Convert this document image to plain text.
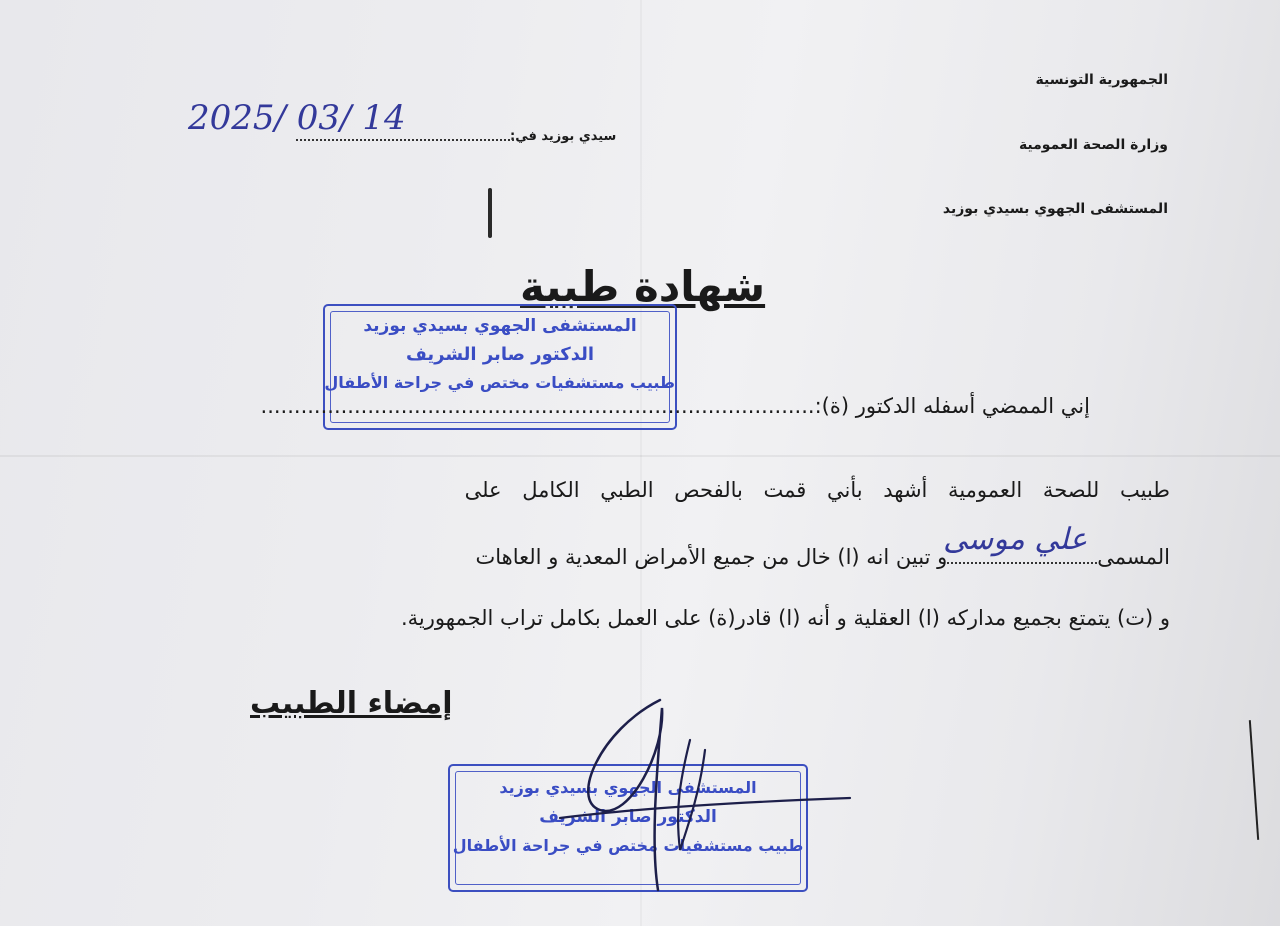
الجمهورية التونسية
وزارة الصحة العمومية
المستشفى الجهوي بسيدي بوزيد
سيدي بوزيد في:
2025/ 03/ 14
شهادة طبية
المستشفى الجهوي بسيدي بوزيد
الدكتور صابر الشريف
طبيب مستشفيات مختص في جراحة الأطفال
إني الممضي أسفله الدكتور (ة):...................................................................................
طبيب للصحة العمومية أشهد بأني قمت بالفحص الطبي الكامل على
المسمى
علي موسى
و تبين انه (ا) خال من جميع الأمراض المعدية و العاهات
و (ت) يتمتع بجميع مداركه (ا) العقلية و أنه (ا) قادر(ة) على العمل بكامل تراب الجمهورية.
إمضاء الطبيب
المستشفى الجهوي بسيدي بوزيد
الدكتور صابر الشريف
طبيب مستشفيات مختص في جراحة الأطفال
